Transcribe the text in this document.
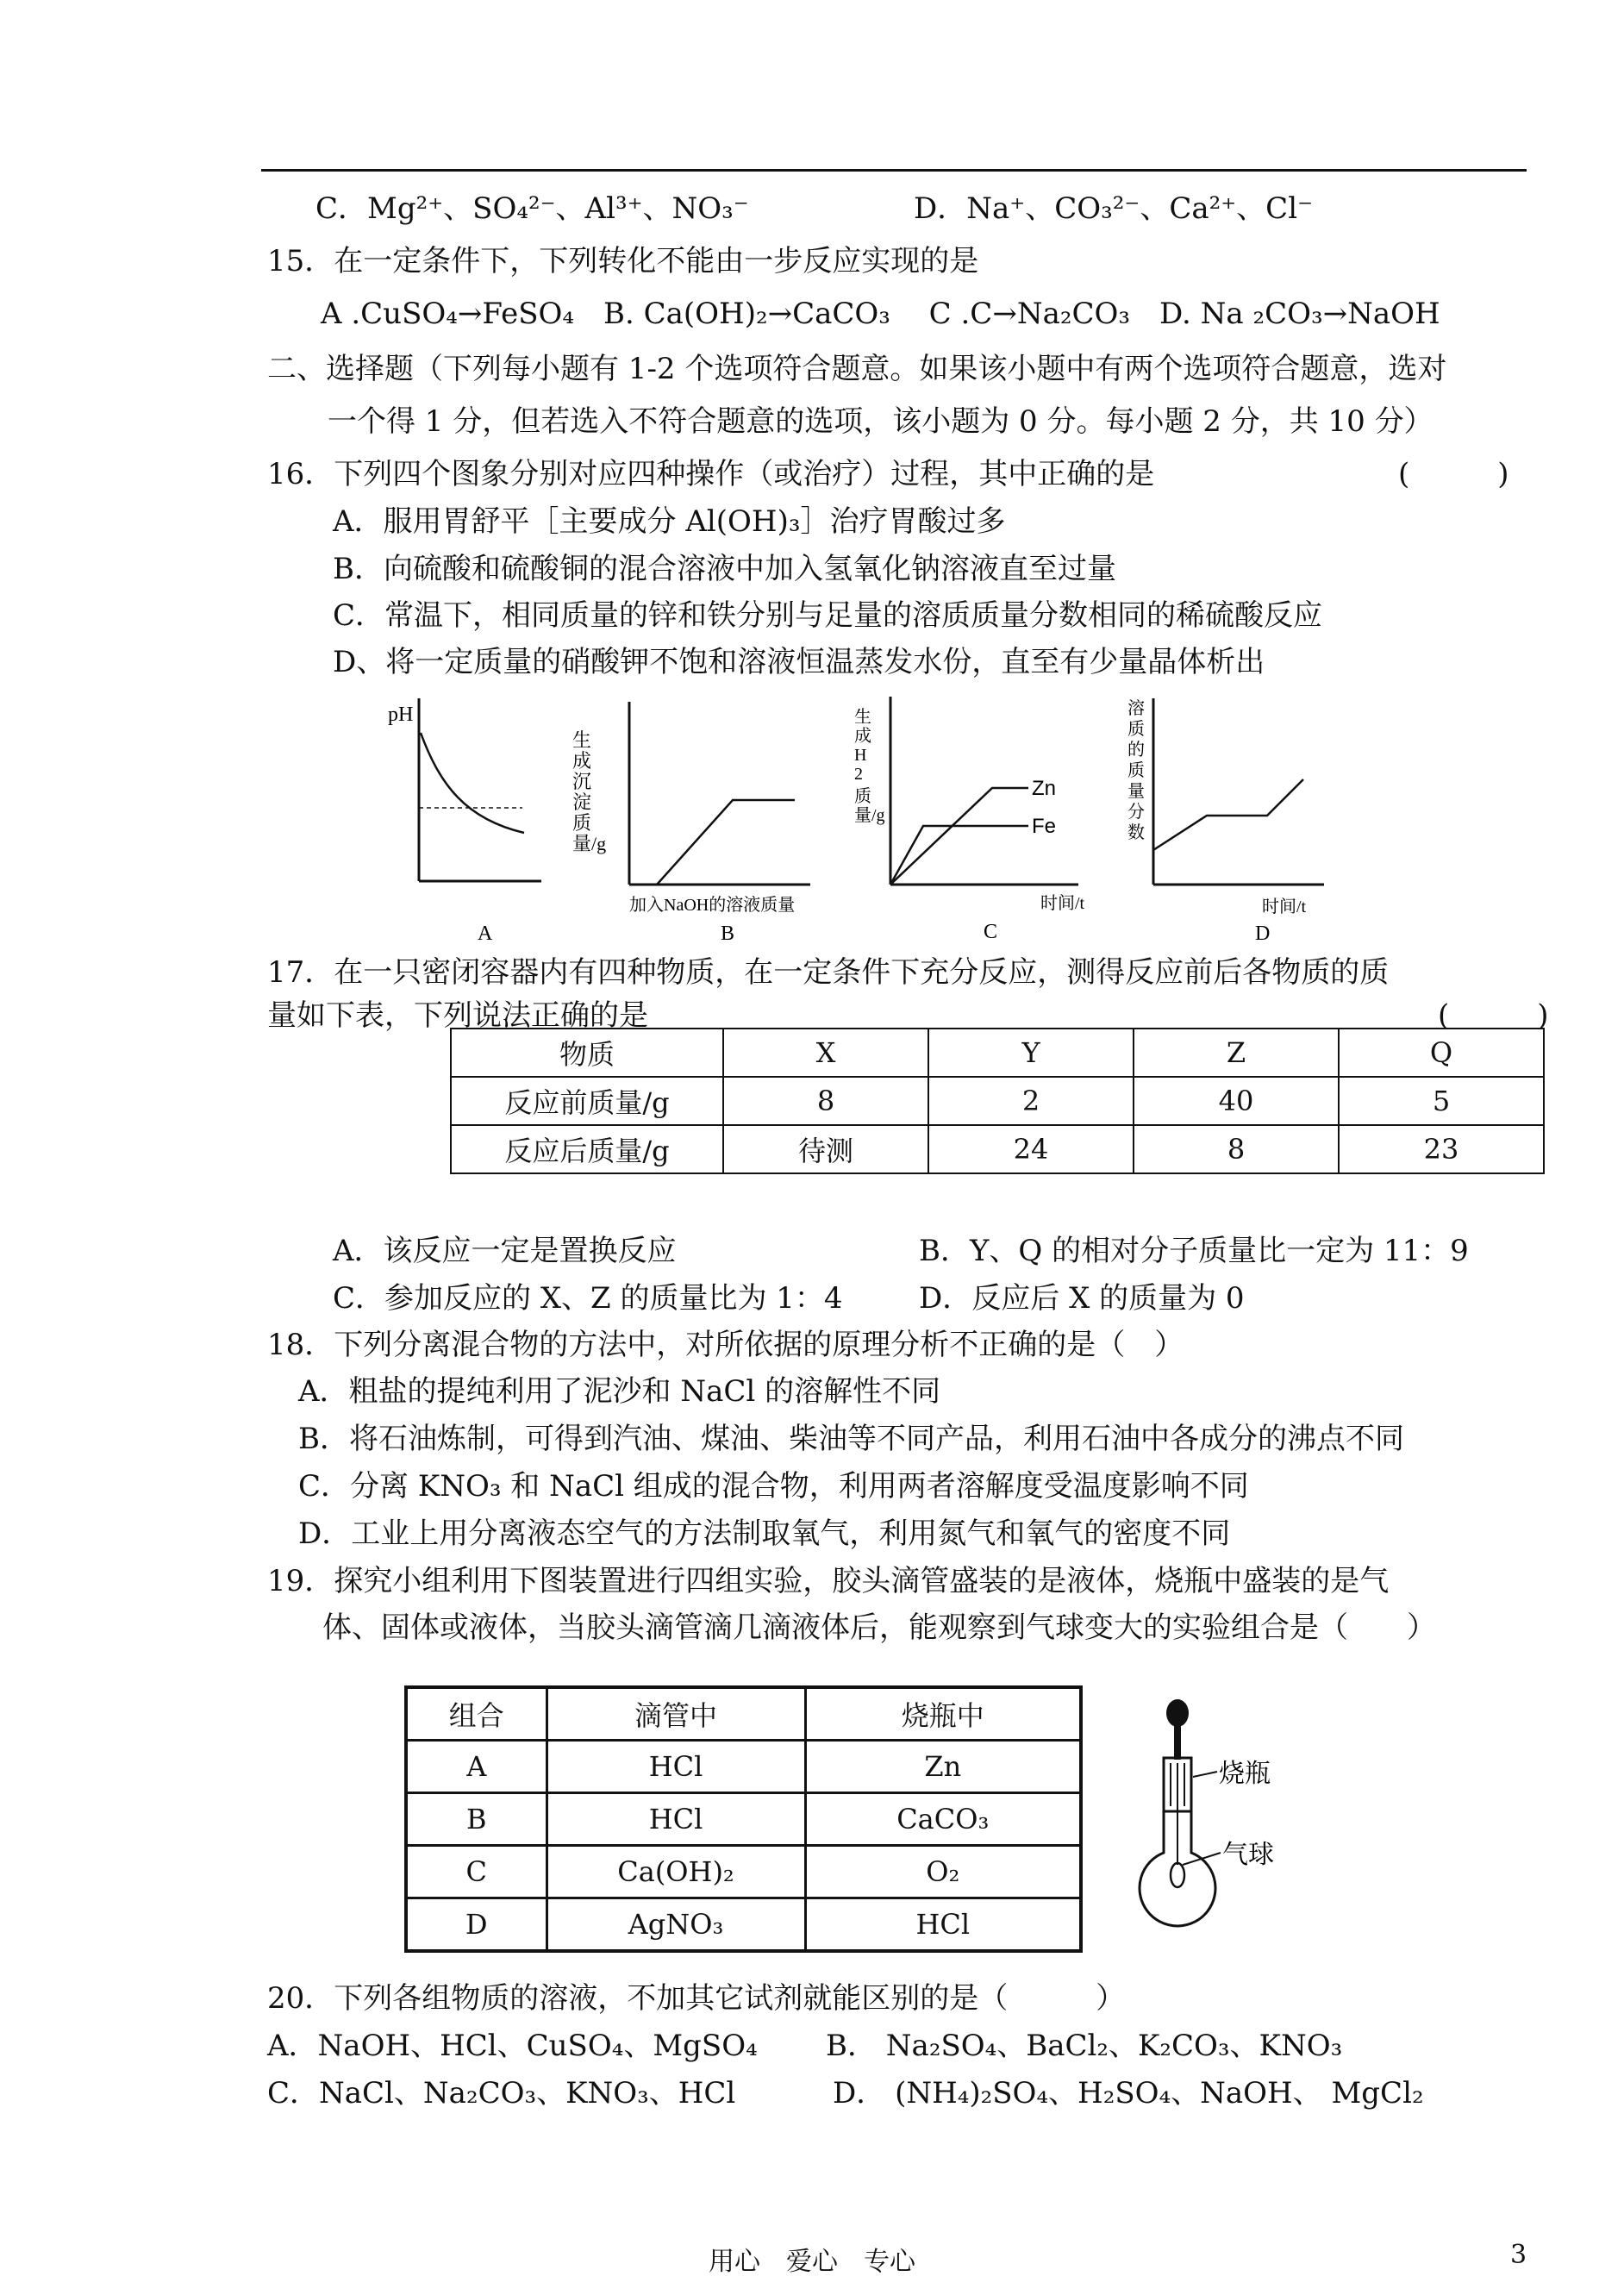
C．Mg²⁺、SO₄²⁻、Al³⁺、NO₃⁻	D．Na⁺、CO₃²⁻、Ca²⁺、Cl⁻
15．在一定条件下，下列转化不能由一步反应实现的是
A .CuSO₄→FeSO₄　B. Ca(OH)₂→CaCO₃　 C .C→Na₂CO₃　D. Na ₂CO₃→NaOH
二、选择题（下列每小题有 1-2 个选项符合题意。如果该小题中有两个选项符合题意，选对
一个得 1 分，但若选入不符合题意的选项，该小题为 0 分。每小题 2 分，共 10 分）
16．下列四个图象分别对应四种操作（或治疗）过程，其中正确的是	(　　　)
A．服用胃舒平［主要成分 Al(OH)₃］治疗胃酸过多
B．向硫酸和硫酸铜的混合溶液中加入氢氧化钠溶液直至过量
C．常温下，相同质量的锌和铁分别与足量的溶质质量分数相同的稀硫酸反应
D、将一定质量的硝酸钾不饱和溶液恒温蒸发水份，直至有少量晶体析出
pH
A
生成沉淀质量/g
加入NaOH的溶液质量
B
生成 H 2 质量/g
Zn
Fe
时间/t
C
溶质的质量分数
时间/t
D
17．在一只密闭容器内有四种物质，在一定条件下充分反应，测得反应前后各物质的质
量如下表，下列说法正确的是	(　　　)
物质	X	Y	Z	Q
反应前质量/g	8	2	40	5
反应后质量/g	待测	24	8	23
A．该反应一定是置换反应	B．Y、Q 的相对分子质量比一定为 11：9
C．参加反应的 X、Z 的质量比为 1：4	D．反应后 X 的质量为 0
18．下列分离混合物的方法中，对所依据的原理分析不正确的是（　）
A．粗盐的提纯利用了泥沙和 NaCl 的溶解性不同
B．将石油炼制，可得到汽油、煤油、柴油等不同产品，利用石油中各成分的沸点不同
C．分离 KNO₃ 和 NaCl 组成的混合物，利用两者溶解度受温度影响不同
D．工业上用分离液态空气的方法制取氧气，利用氮气和氧气的密度不同
19．探究小组利用下图装置进行四组实验，胶头滴管盛装的是液体，烧瓶中盛装的是气
体、固体或液体，当胶头滴管滴几滴液体后，能观察到气球变大的实验组合是（　　）
组合	滴管中	烧瓶中
A	HCl	Zn
B	HCl	CaCO₃
C	Ca(OH)₂	O₂
D	AgNO₃	HCl
烧瓶
气球
20．下列各组物质的溶液，不加其它试剂就能区别的是（　　　）
A．NaOH、HCl、CuSO₄、MgSO₄ B． Na₂SO₄、BaCl₂、K₂CO₃、KNO₃
C．NaCl、Na₂CO₃、KNO₃、HCl	D． (NH₄)₂SO₄、H₂SO₄、NaOH、 MgCl₂
用心　爱心　专心	3
